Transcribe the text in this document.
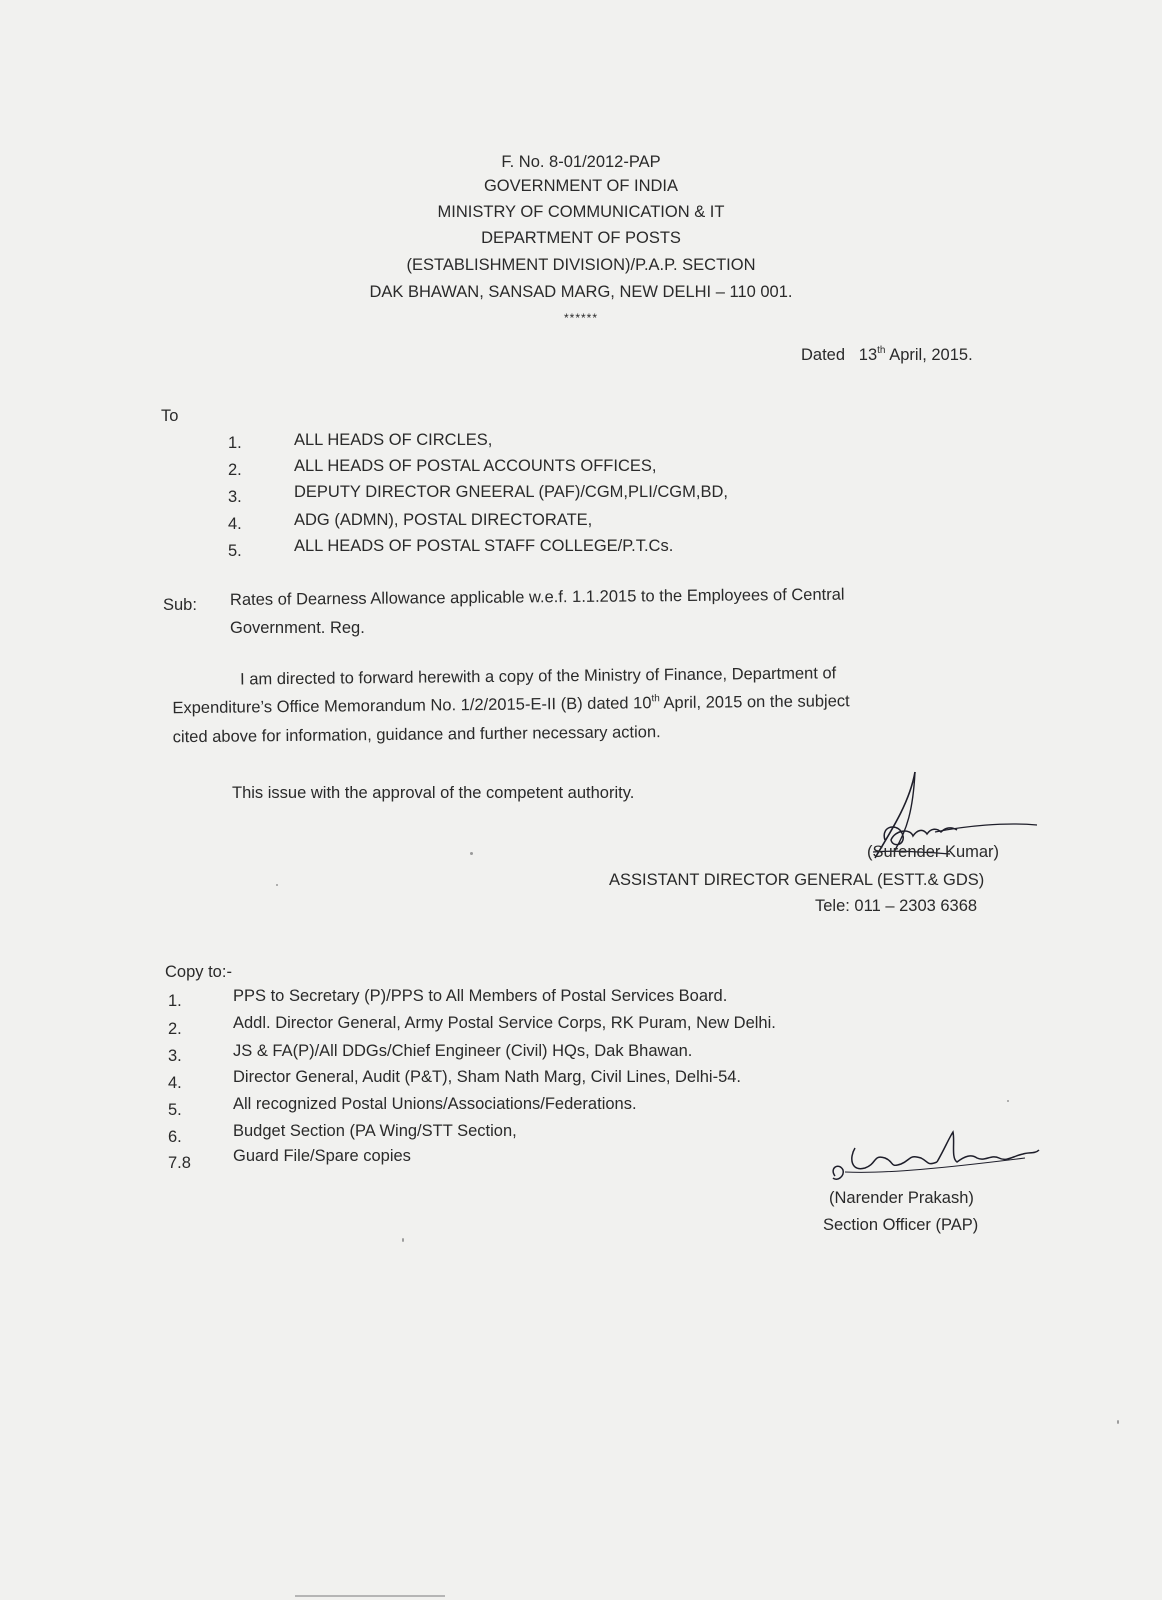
F. No. 8-01/2012-PAP
GOVERNMENT OF INDIA
MINISTRY OF COMMUNICATION & IT
DEPARTMENT OF POSTS
(ESTABLISHMENT DIVISION)/P.A.P. SECTION
DAK BHAWAN, SANSAD MARG, NEW DELHI – 110 001.
******
Dated 13th April, 2015.
To
1.	ALL HEADS OF CIRCLES,
2.	ALL HEADS OF POSTAL ACCOUNTS OFFICES,
3.	DEPUTY DIRECTOR GNEERAL (PAF)/CGM,PLI/CGM,BD,
4.	ADG (ADMN), POSTAL DIRECTORATE,
5.	ALL HEADS OF POSTAL STAFF COLLEGE/P.T.Cs.
Sub: Rates of Dearness Allowance applicable w.e.f. 1.1.2015 to the Employees of Central
Government. Reg.
I am directed to forward herewith a copy of the Ministry of Finance, Department of
Expenditure’s Office Memorandum No. 1/2/2015-E-II (B) dated 10th April, 2015 on the subject
cited above for information, guidance and further necessary action.
This issue with the approval of the competent authority.
(Surender Kumar)
ASSISTANT DIRECTOR GENERAL (ESTT.& GDS)
Tele: 011 – 2303 6368
Copy to:-
1.	PPS to Secretary (P)/PPS to All Members of Postal Services Board.
2.	Addl. Director General, Army Postal Service Corps, RK Puram, New Delhi.
3.	JS & FA(P)/All DDGs/Chief Engineer (Civil) HQs, Dak Bhawan.
4.	Director General, Audit (P&T), Sham Nath Marg, Civil Lines, Delhi-54.
5.	All recognized Postal Unions/Associations/Federations.
6.	Budget Section (PA Wing/STT Section,
7.8	Guard File/Spare copies
(Narender Prakash)
Section Officer (PAP)
